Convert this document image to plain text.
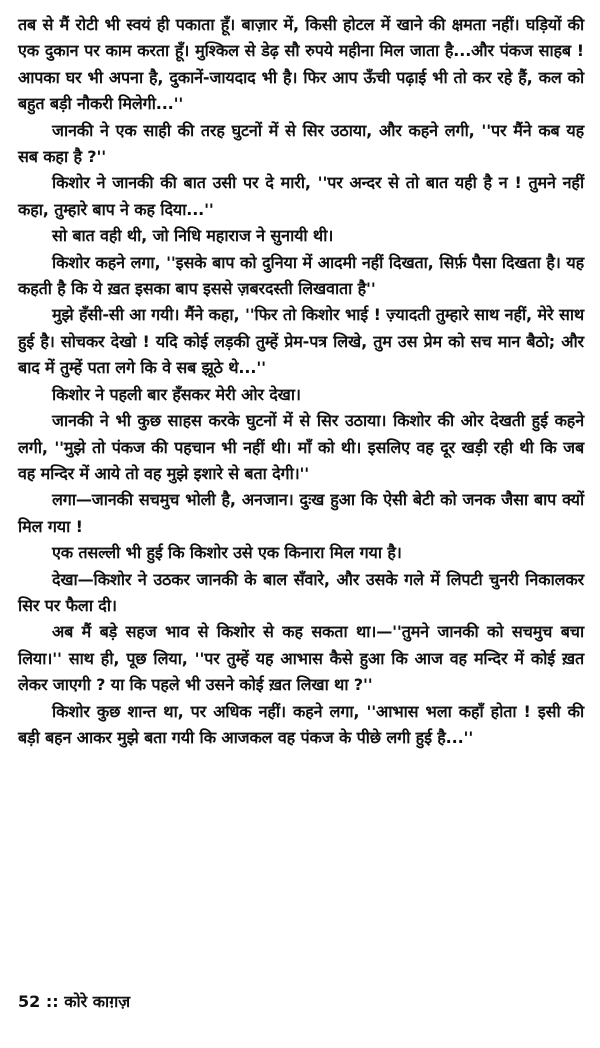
तब से मैं रोटी भी स्वयं ही पकाता हूँ। बाज़ार में, किसी होटल में खाने की क्षमता नहीं। घड़ियों की एक दुकान पर काम करता हूँ। मुश्किल से डेढ़ सौ रुपये महीना मिल जाता है...और पंकज साहब ! आपका घर भी अपना है, दुकानें-जायदाद भी है। फिर आप ऊँची पढ़ाई भी तो कर रहे हैं, कल को बहुत बड़ी नौकरी मिलेगी...''

जानकी ने एक साही की तरह घुटनों में से सिर उठाया, और कहने लगी, ''पर मैंने कब यह सब कहा है ?''

किशोर ने जानकी की बात उसी पर दे मारी, ''पर अन्दर से तो बात यही है न ! तुमने नहीं कहा, तुम्हारे बाप ने कह दिया...''

सो बात वही थी, जो निधि महाराज ने सुनायी थी।

किशोर कहने लगा, ''इसके बाप को दुनिया में आदमी नहीं दिखता, सिर्फ़ पैसा दिखता है। यह कहती है कि ये ख़त इसका बाप इससे ज़बरदस्ती लिखवाता है''

मुझे हँसी-सी आ गयी। मैंने कहा, ''फिर तो किशोर भाई ! ज़्यादती तुम्हारे साथ नहीं, मेरे साथ हुई है। सोचकर देखो ! यदि कोई लड़की तुम्हें प्रेम-पत्र लिखे, तुम उस प्रेम को सच मान बैठो; और बाद में तुम्हें पता लगे कि वे सब झूठे थे...''

किशोर ने पहली बार हँसकर मेरी ओर देखा।

जानकी ने भी कुछ साहस करके घुटनों में से सिर उठाया। किशोर की ओर देखती हुई कहने लगी, ''मुझे तो पंकज की पहचान भी नहीं थी। माँ को थी। इसलिए वह दूर खड़ी रही थी कि जब वह मन्दिर में आये तो वह मुझे इशारे से बता देगी।''

लगा—जानकी सचमुच भोली है, अनजान। दुःख हुआ कि ऐसी बेटी को जनक जैसा बाप क्यों मिल गया !

एक तसल्ली भी हुई कि किशोर उसे एक किनारा मिल गया है।

देखा—किशोर ने उठकर जानकी के बाल सँवारे, और उसके गले में लिपटी चुनरी निकालकर सिर पर फैला दी।

अब मैं बड़े सहज भाव से किशोर से कह सकता था।—''तुमने जानकी को सचमुच बचा लिया।'' साथ ही, पूछ लिया, ''पर तुम्हें यह आभास कैसे हुआ कि आज वह मन्दिर में कोई ख़त लेकर जाएगी ? या कि पहले भी उसने कोई ख़त लिखा था ?''

किशोर कुछ शान्त था, पर अधिक नहीं। कहने लगा, ''आभास भला कहाँ होता ! इसी की बड़ी बहन आकर मुझे बता गयी कि आजकल वह पंकज के पीछे लगी हुई है...''

52 :: कोरे काग़ज़
